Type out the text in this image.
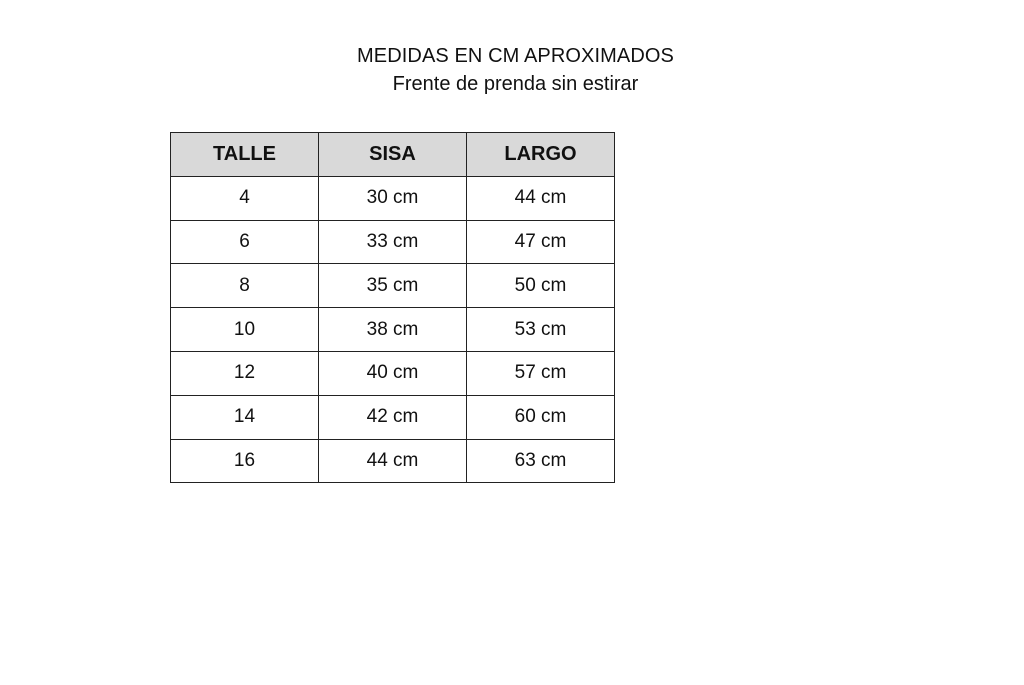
MEDIDAS EN CM APROXIMADOS
Frente de prenda sin estirar
TALLE	SISA	LARGO
4	30 cm	44 cm
6	33 cm	47 cm
8	35 cm	50 cm
10	38 cm	53 cm
12	40 cm	57 cm
14	42 cm	60 cm
16	44 cm	63 cm
